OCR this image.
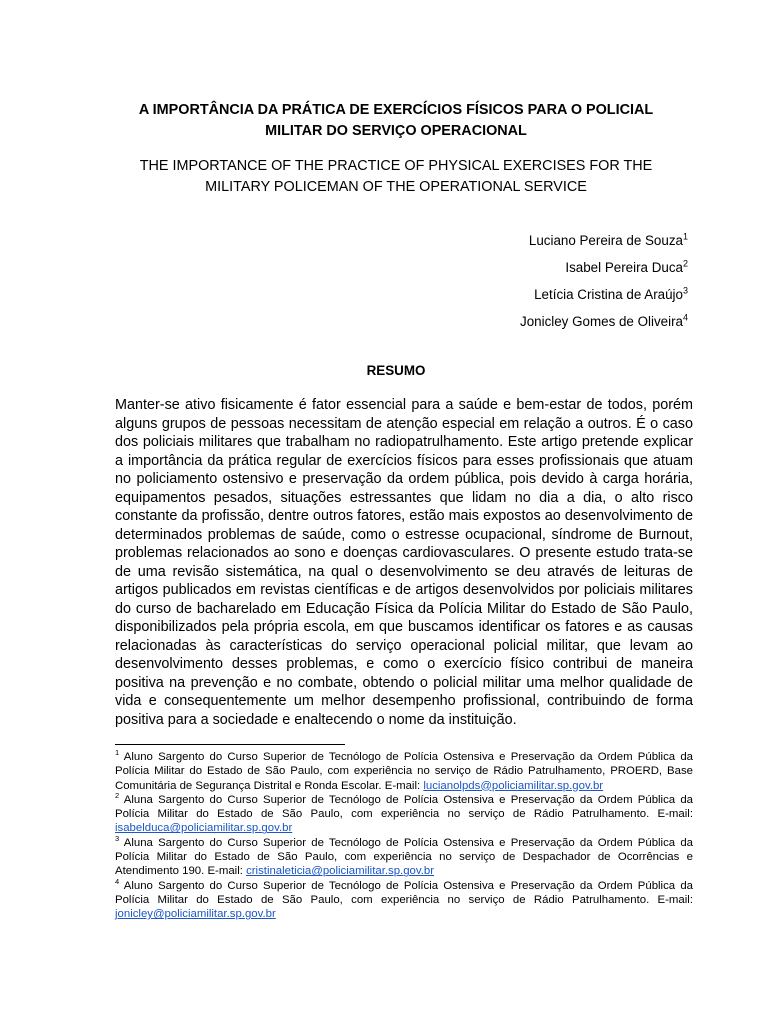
A IMPORTÂNCIA DA PRÁTICA DE EXERCÍCIOS FÍSICOS PARA O POLICIAL
MILITAR DO SERVIÇO OPERACIONAL
THE IMPORTANCE OF THE PRACTICE OF PHYSICAL EXERCISES FOR THE
MILITARY POLICEMAN OF THE OPERATIONAL SERVICE
Luciano Pereira de Souza$^1$
Isabel Pereira Duca$^2$
Letícia Cristina de Araújo$^3$
Jonicley Gomes de Oliveira$^4$
RESUMO

Manter-se ativo fisicamente é fator essencial para a saúde e bem-estar de todos, porém alguns grupos de pessoas necessitam de atenção especial em relação a outros. É o caso dos policiais militares que trabalham no radiopatrulhamento. Este artigo pretende explicar a importância da prática regular de exercícios físicos para esses profissionais que atuam no policiamento ostensivo e preservação da ordem pública, pois devido à carga horária, equipamentos pesados, situações estressantes que lidam no dia a dia, o alto risco constante da profissão, dentre outros fatores, estão mais expostos ao desenvolvimento de determinados problemas de saúde, como o estresse ocupacional, síndrome de Burnout, problemas relacionados ao sono e doenças cardiovasculares. O presente estudo trata-se de uma revisão sistemática, na qual o desenvolvimento se deu através de leituras de artigos publicados em revistas científicas e de artigos desenvolvidos por policiais militares do curso de bacharelado em Educação Física da Polícia Militar do Estado de São Paulo, disponibilizados pela própria escola, em que buscamos identificar os fatores e as causas relacionadas às características do serviço operacional policial militar, que levam ao desenvolvimento desses problemas, e como o exercício físico contribui de maneira positiva na prevenção e no combate, obtendo o policial militar uma melhor qualidade de vida e consequentemente um melhor desempenho profissional, contribuindo de forma positiva para a sociedade e enaltecendo o nome da instituição.

$^1$ Aluno Sargento do Curso Superior de Tecnólogo de Polícia Ostensiva e Preservação da Ordem Pública da Polícia Militar do Estado de São Paulo, com experiência no serviço de Rádio Patrulhamento, PROERD, Base Comunitária de Segurança Distrital e Ronda Escolar. E-mail: lucianolpds@policiamilitar.sp.gov.br

$^2$ Aluna Sargento do Curso Superior de Tecnólogo de Polícia Ostensiva e Preservação da Ordem Pública da Polícia Militar do Estado de São Paulo, com experiência no serviço de Rádio Patrulhamento. E-mail: isabelduca@policiamilitar.sp.gov.br

$^3$ Aluna Sargento do Curso Superior de Tecnólogo de Polícia Ostensiva e Preservação da Ordem Pública da Polícia Militar do Estado de São Paulo, com experiência no serviço de Despachador de Ocorrências e Atendimento 190. E-mail: cristinaleticia@policiamilitar.sp.gov.br

$^4$ Aluno Sargento do Curso Superior de Tecnólogo de Polícia Ostensiva e Preservação da Ordem Pública da Polícia Militar do Estado de São Paulo, com experiência no serviço de Rádio Patrulhamento. E-mail: jonicley@policiamilitar.sp.gov.br
